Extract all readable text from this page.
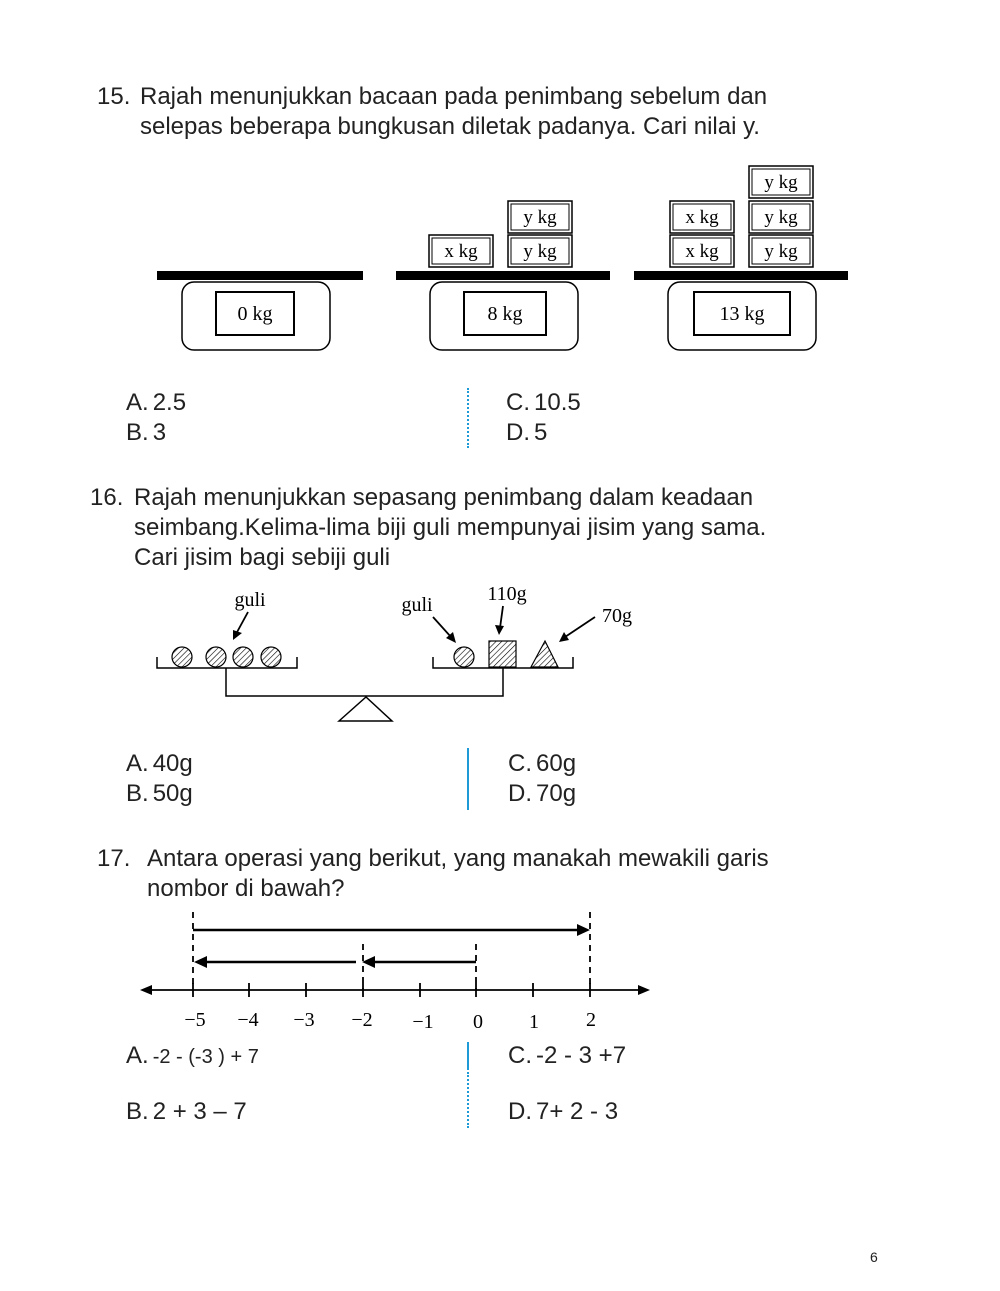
15. Rajah menunjukkan bacaan pada penimbang sebelum dan
selepas beberapa bungkusan diletak padanya. Cari nilai y.
0 kg	8 kg
x kg y kg
y kg
13 kg
x kg
x kg
y kg
y kg
y kg
A. 2.5
B. 3
C. 10.5
D. 5
16. Rajah menunjukkan sepasang penimbang dalam keadaan
seimbang.Kelima-lima biji guli mempunyai jisim yang sama.
Cari jisim bagi sebiji guli
guli	guli	110g
70g
A. 40g
B. 50g
C. 60g
D. 70g
17. Antara operasi yang berikut, yang manakah mewakili garis
nombor di bawah?
−5 −4 −3 −2 −1 0 1 2
A. -2 - (-3 ) + 7
B. 2 + 3 – 7
C. -2 - 3 +7
D. 7+ 2 - 3
6
